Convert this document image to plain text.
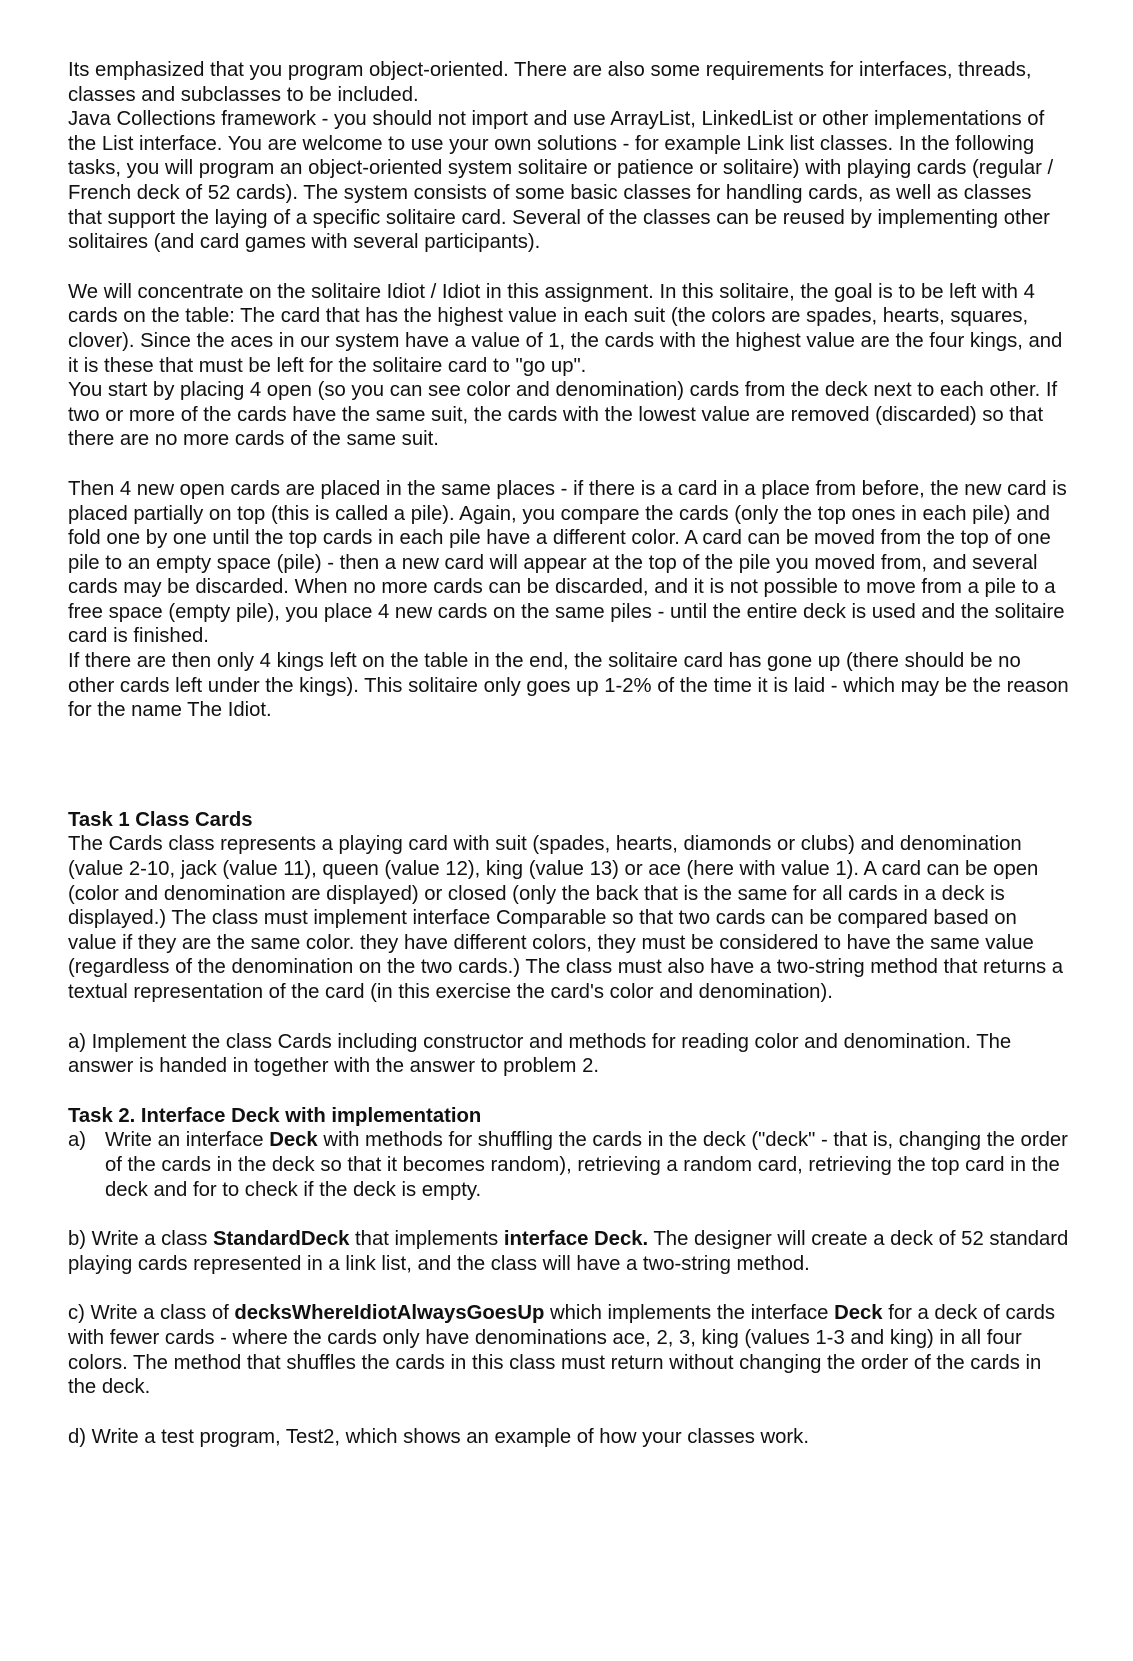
Its emphasized that you program object-oriented. There are also some requirements for interfaces, threads, classes and subclasses to be included.

Java Collections framework - you should not import and use ArrayList, LinkedList or other implementations of the List interface. You are welcome to use your own solutions - for example Link list classes. In the following tasks, you will program an object-oriented system solitaire or patience or solitaire) with playing cards (regular / French deck of 52 cards). The system consists of some basic classes for handling cards, as well as classes that support the laying of a specific solitaire card. Several of the classes can be reused by implementing other solitaires (and card games with several participants).

We will concentrate on the solitaire Idiot / Idiot in this assignment. In this solitaire, the goal is to be left with 4 cards on the table: The card that has the highest value in each suit (the colors are spades, hearts, squares, clover). Since the aces in our system have a value of 1, the cards with the highest value are the four kings, and it is these that must be left for the solitaire card to "go up".

You start by placing 4 open (so you can see color and denomination) cards from the deck next to each other. If two or more of the cards have the same suit, the cards with the lowest value are removed (discarded) so that there are no more cards of the same suit.

Then 4 new open cards are placed in the same places - if there is a card in a place from before, the new card is placed partially on top (this is called a pile). Again, you compare the cards (only the top ones in each pile) and fold one by one until the top cards in each pile have a different color. A card can be moved from the top of one pile to an empty space (pile) - then a new card will appear at the top of the pile you moved from, and several cards may be discarded. When no more cards can be discarded, and it is not possible to move from a pile to a free space (empty pile), you place 4 new cards on the same piles - until the entire deck is used and the solitaire card is finished.

If there are then only 4 kings left on the table in the end, the solitaire card has gone up (there should be no other cards left under the kings). This solitaire only goes up 1-2% of the time it is laid - which may be the reason for the name The Idiot.

Task 1 Class Cards

The Cards class represents a playing card with suit (spades, hearts, diamonds or clubs) and denomination (value 2-10, jack (value 11), queen (value 12), king (value 13) or ace (here with value 1). A card can be open (color and denomination are displayed) or closed (only the back that is the same for all cards in a deck is displayed.) The class must implement interface Comparable so that two cards can be compared based on value if they are the same color. they have different colors, they must be considered to have the same value (regardless of the denomination on the two cards.) The class must also have a two-string method that returns a textual representation of the card (in this exercise the card's color and denomination).

a) Implement the class Cards including constructor and methods for reading color and denomination. The answer is handed in together with the answer to problem 2.

Task 2. Interface Deck with implementation

a) Write an interface Deck with methods for shuffling the cards in the deck ("deck" - that is, changing the order of the cards in the deck so that it becomes random), retrieving a random card, retrieving the top card in the deck and for to check if the deck is empty.

b) Write a class StandardDeck that implements interface Deck. The designer will create a deck of 52 standard playing cards represented in a link list, and the class will have a two-string method.

c) Write a class of decksWhereIdiotAlwaysGoesUp which implements the interface Deck for a deck of cards with fewer cards - where the cards only have denominations ace, 2, 3, king (values 1-3 and king) in all four colors. The method that shuffles the cards in this class must return without changing the order of the cards in the deck.

d) Write a test program, Test2, which shows an example of how your classes work.
